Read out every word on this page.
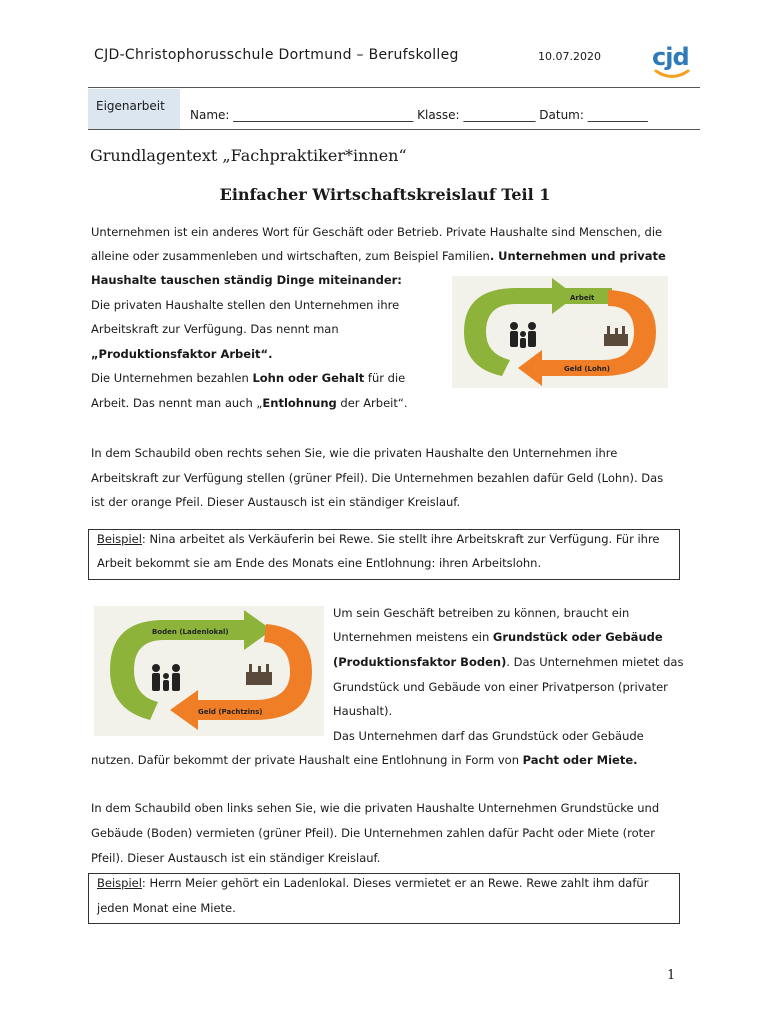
CJD-Christophorusschule Dortmund – Berufskolleg	10.07.2020 cjd
Eigenarbeit
Name: ______________________________ Klasse: ____________ Datum: __________
Grundlagentext „Fachpraktiker*innen“
Einfacher Wirtschaftskreislauf Teil 1
Unternehmen ist ein anderes Wort für Geschäft oder Betrieb. Private Haushalte sind Menschen, die
alleine oder zusammenleben und wirtschaften, zum Beispiel Familien. Unternehmen und private
Haushalte tauschen ständig Dinge miteinander:
Die privaten Haushalte stellen den Unternehmen ihre
Arbeitskraft zur Verfügung. Das nennt man
„Produktionsfaktor Arbeit“.
Die Unternehmen bezahlen Lohn oder Gehalt für die
Arbeit. Das nennt man auch „Entlohnung der Arbeit“.
Arbeit
Geld (Lohn)
In dem Schaubild oben rechts sehen Sie, wie die privaten Haushalte den Unternehmen ihre
Arbeitskraft zur Verfügung stellen (grüner Pfeil). Die Unternehmen bezahlen dafür Geld (Lohn). Das
ist der orange Pfeil. Dieser Austausch ist ein ständiger Kreislauf.
Beispiel: Nina arbeitet als Verkäuferin bei Rewe. Sie stellt ihre Arbeitskraft zur Verfügung. Für ihre
Arbeit bekommt sie am Ende des Monats eine Entlohnung: ihren Arbeitslohn.
Boden (Ladenlokal)
Geld (Pachtzins)
Um sein Geschäft betreiben zu können, braucht ein
Unternehmen meistens ein Grundstück oder Gebäude
(Produktionsfaktor Boden). Das Unternehmen mietet das
Grundstück und Gebäude von einer Privatperson (privater
Haushalt).
Das Unternehmen darf das Grundstück oder Gebäude
nutzen. Dafür bekommt der private Haushalt eine Entlohnung in Form von Pacht oder Miete.
In dem Schaubild oben links sehen Sie, wie die privaten Haushalte Unternehmen Grundstücke und
Gebäude (Boden) vermieten (grüner Pfeil). Die Unternehmen zahlen dafür Pacht oder Miete (roter
Pfeil). Dieser Austausch ist ein ständiger Kreislauf.
Beispiel: Herrn Meier gehört ein Ladenlokal. Dieses vermietet er an Rewe. Rewe zahlt ihm dafür
jeden Monat eine Miete.
1
